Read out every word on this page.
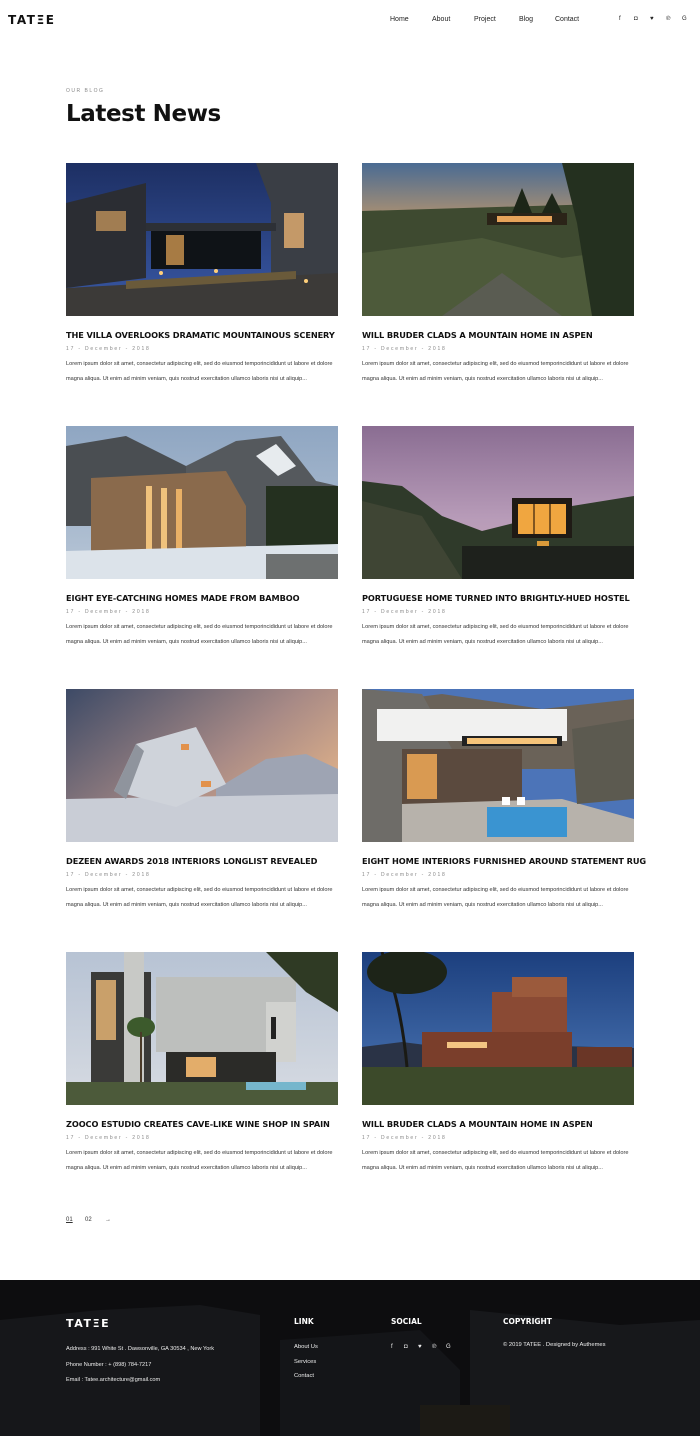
TATΞE	Home	About	Project	Blog	Contact	f ◘ ♥ ℗ G
OUR BLOG
Latest News
THE VILLA OVERLOOKS DRAMATIC MOUNTAINOUS SCENERY
17 - December - 2018

Lorem ipsum dolor sit amet, consectetur adipiscing elit, sed do eiusmod temporincididunt ut labore et dolore magna aliqua. Ut enim ad minim veniam, quis nostrud exercitation ullamco laboris nisi ut aliquip...

WILL BRUDER CLADS A MOUNTAIN HOME IN ASPEN
17 - December - 2018

Lorem ipsum dolor sit amet, consectetur adipiscing elit, sed do eiusmod temporincididunt ut labore et dolore magna aliqua. Ut enim ad minim veniam, quis nostrud exercitation ullamco laboris nisi ut aliquip...

EIGHT EYE-CATCHING HOMES MADE FROM BAMBOO
17 - December - 2018

Lorem ipsum dolor sit amet, consectetur adipiscing elit, sed do eiusmod temporincididunt ut labore et dolore magna aliqua. Ut enim ad minim veniam, quis nostrud exercitation ullamco laboris nisi ut aliquip...

PORTUGUESE HOME TURNED INTO BRIGHTLY-HUED HOSTEL
17 - December - 2018

Lorem ipsum dolor sit amet, consectetur adipiscing elit, sed do eiusmod temporincididunt ut labore et dolore magna aliqua. Ut enim ad minim veniam, quis nostrud exercitation ullamco laboris nisi ut aliquip...

DEZEEN AWARDS 2018 INTERIORS LONGLIST REVEALED
17 - December - 2018

Lorem ipsum dolor sit amet, consectetur adipiscing elit, sed do eiusmod temporincididunt ut labore et dolore magna aliqua. Ut enim ad minim veniam, quis nostrud exercitation ullamco laboris nisi ut aliquip...

EIGHT HOME INTERIORS FURNISHED AROUND STATEMENT RUG
17 - December - 2018

Lorem ipsum dolor sit amet, consectetur adipiscing elit, sed do eiusmod temporincididunt ut labore et dolore magna aliqua. Ut enim ad minim veniam, quis nostrud exercitation ullamco laboris nisi ut aliquip...

ZOOCO ESTUDIO CREATES CAVE-LIKE WINE SHOP IN SPAIN
17 - December - 2018

Lorem ipsum dolor sit amet, consectetur adipiscing elit, sed do eiusmod temporincididunt ut labore et dolore magna aliqua. Ut enim ad minim veniam, quis nostrud exercitation ullamco laboris nisi ut aliquip...

WILL BRUDER CLADS A MOUNTAIN HOME IN ASPEN
17 - December - 2018

Lorem ipsum dolor sit amet, consectetur adipiscing elit, sed do eiusmod temporincididunt ut labore et dolore magna aliqua. Ut enim ad minim veniam, quis nostrud exercitation ullamco laboris nisi ut aliquip...

01 02 →
TATΞE
Address : 991 White St . Dawsonville, GA 30534 , New York
Phone Number : + (898) 784-7217
Email : Tatee.architecture@gmail.com
LINK
About Us
Services
Contact
SOCIAL
f ◘ ♥ ℗ G
COPYRIGHT
© 2019 TATEE . Designed by Authemes
